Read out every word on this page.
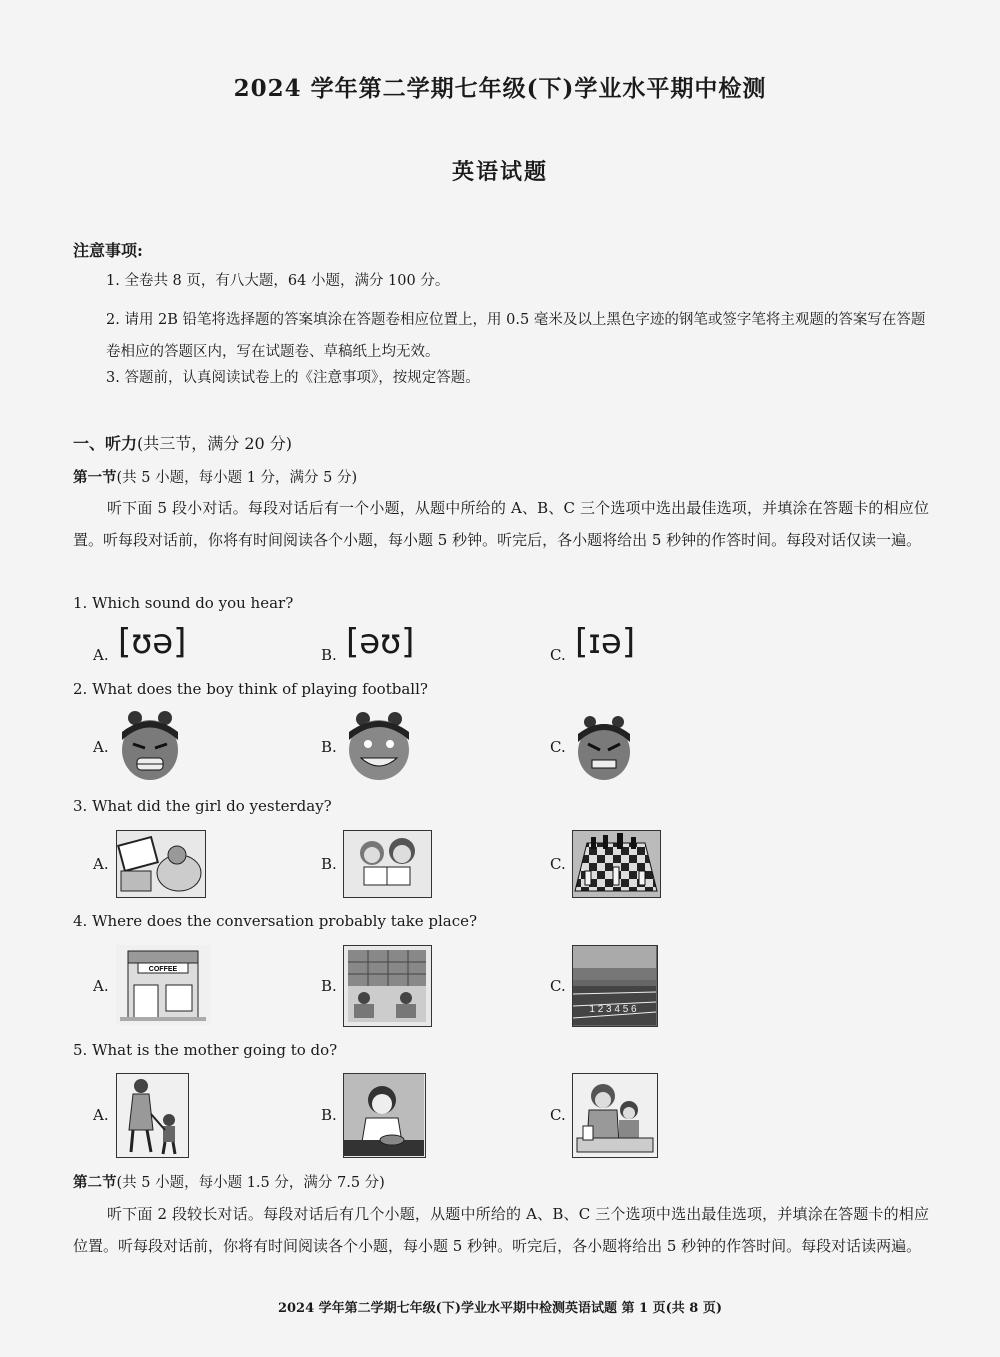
2024 学年第二学期七年级(下)学业水平期中检测
英语试题
注意事项:
1. 全卷共 8 页，有八大题，64 小题，满分 100 分。
2. 请用 2B 铅笔将选择题的答案填涂在答题卷相应位置上，用 0.5 毫米及以上黑色字迹的钢笔或签字笔将主观题的答案写在答题卷相应的答题区内，写在试题卷、草稿纸上均无效。
3. 答题前，认真阅读试卷上的《注意事项》，按规定答题。
一、听力(共三节，满分 20 分)
第一节(共 5 小题，每小题 1 分，满分 5 分)
听下面 5 段小对话。每段对话后有一个小题，从题中所给的 A、B、C 三个选项中选出最佳选项，并填涂在答题卡的相应位置。听每段对话前，你将有时间阅读各个小题，每小题 5 秒钟。听完后，各小题将给出 5 秒钟的作答时间。每段对话仅读一遍。
1. Which sound do you hear?
A. [ʊə]	B. [əʊ]	C. [ɪə]
2. What does the boy think of playing football?
A.	B.	C.
3. What did the girl do yesterday?
A.	B.	C.
4. Where does the conversation probably take place?
A.
COFFEE
B.	C.
1 2 3 4 5 6
5. What is the mother going to do?
A.	B.	C.
第二节(共 5 小题，每小题 1.5 分，满分 7.5 分)
听下面 2 段较长对话。每段对话后有几个小题，从题中所给的 A、B、C 三个选项中选出最佳选项，并填涂在答题卡的相应位置。听每段对话前，你将有时间阅读各个小题，每小题 5 秒钟。听完后，各小题将给出 5 秒钟的作答时间。每段对话读两遍。
2024 学年第二学期七年级(下)学业水平期中检测英语试题 第 1 页(共 8 页)
